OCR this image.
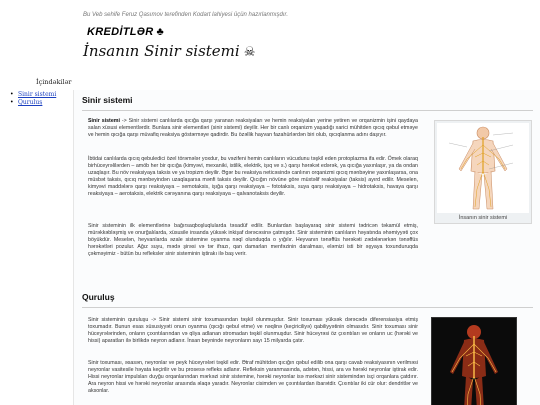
Bu Veb sehife Feruz Qasımov terefinden Kodart lahiyesi üçün hazırlanmışdır.
KREDİTLƏR ♣
İnsanın Sinir sistemi ☠
İçindəkilər
• Sinir sistemi
• Quruluş	Sinir sistemi

Sinir sistemi -> Sinir sistemi canlılarda qıcığa qarşı yaranan reaksiyaları ve hemin reaksiyaları yerine yetiren ve orqanizmin işini qaydaya salan xüsusi elementlərdir. Bunlara sinir elementləri (sinir sistemi) deyilir. Her bir canlı orqanizm yaşadığı xarici mühitden qıcıq qəbul etməye ve hemin qıcığa qarşı müvafiq reaksiya göstərməye qadirdir. Bu özəllik hayvan fazahürlərdən biri olub, qıcıqlanma adını daşıyır.

İbtidai canlılarda qıcıq qebuledici özel törəmələr yoxdur, bu vəzifeni hemin canlıların vücudunu təşkil eden protoplazma ifa edir. Ömek olaraq birhüceyrəlilərden – amöb her bir qıcığa (kimyəvi, mexaniki, istilik, elektrik, işıq ve s.) qarşı hərəkət edərək, ya qıcığa yaxınlaşır, ya da ondan uzaqlaşır. Bu növ reaksiyaya taksis ve ya tropizm deyilir. Əgər bu reaksiya neticəsində canlının orqanizmi qıcıq mənbəyine yaxınlaşarsa, ona müsbət taksis, qıcıq mənbeyindən uzaqlaşarsa mənfi taksis deyilir. Qıcığın növüne göre müxtəlif reaksiyalar (taksis) ayırd edilir. Meselen, kimyəvi maddələrə qarşı reaksiyaya – xemotaksis, işığa qarşı reaksiyaya – fototaksis, suya qarşı reaksiyaya – hidrotaksis, havaya qarşı reaksiyaya – aerotaksis, elektrik cərəyanına qarşı reaksiyaya – qalvanotaksis deyilir.

Sinir sisteminin ilk elementlərinə bağırsaqboşluqlularda təsadüf edilir. Bunlardan başlayaraq sinir sistemi tədricən təkamül etmiş, mürəkkəbləşmiş ve onurğalılarda, xüsusile insanda yüksək inkişaf dərəcəsinə çatmışdır. Sinir sisteminin canlıların həyatında əhəmiyyəti çox böyükdür. Meselən, heyvanlarda əzale sistemine oyanma nəql olunduqda o yığılır. Heyvanın tənəffüs hərəkəti zədələnərkən tənəffüs hərəkətləri pozulur. Ağız suyu, mədə şirəsi və tər ifrazı, qan damarları menfəzinin daralması, eləmizi isti bir əşyaya toxunduruqda çəkməyimiz - bütün bu refleksler sinir sisteminin iştirakı ilə baş verir.

İnsanın sinir sistemi
Quruluş

Sinir sisteminin quruluşu -> Sinir sistemi sinir toxumasından təşkil olunmuşdur. Sinir toxuması yüksək dərəcədə diferensiasiya etmiş toxumadır. Bunun esas xüsusiyyəti onun oyanma (qıcığı qebul etme) ve nəqlinə (keçiriciliyə) qabiliyyətinin olmasıdır. Sinir toxuması sinir hüceyrələrinden, onların çıxıntılarından və qliya adlanan stromadan təşkil olunmuşdur. Sinir hüceyrəsi öz çıxıntıları ve onların uc (hərəki ve hissi) aparatları ilə birlikdə neyron adlanır. İnsan beyninde neyronların sayı 15 milyarda çatır.

Sinir toxuması, əsasən, neyronlar ve peyk hüceyrələri təşkil edir. Ətraf mühitdən qıcığın qəbul edilib ona qarşı cavab reaksiyasının verilməsi neyronlar vasitesile həyata keçirilir ve bu prosesə refleks adlanır. Refleksin yaranmasında, adətən, hissi, ara və hərəki neyronlar iştirak edir. Hissi neyronlar impulsları duyğu orqanlarından mərkəzi sinir sistemine, hərəki neyronlar isə mərkəzi sinir sistemindən isçi orqanlara çatdırır. Ara neyron hissi ve hərəki neyronlar arasında əlaqə yaradır. Neyronlar cisimden ve çıxıntılardan ibarətdir. Çıxıntılar iki cür olur: dendritlər ve aksonlar.
